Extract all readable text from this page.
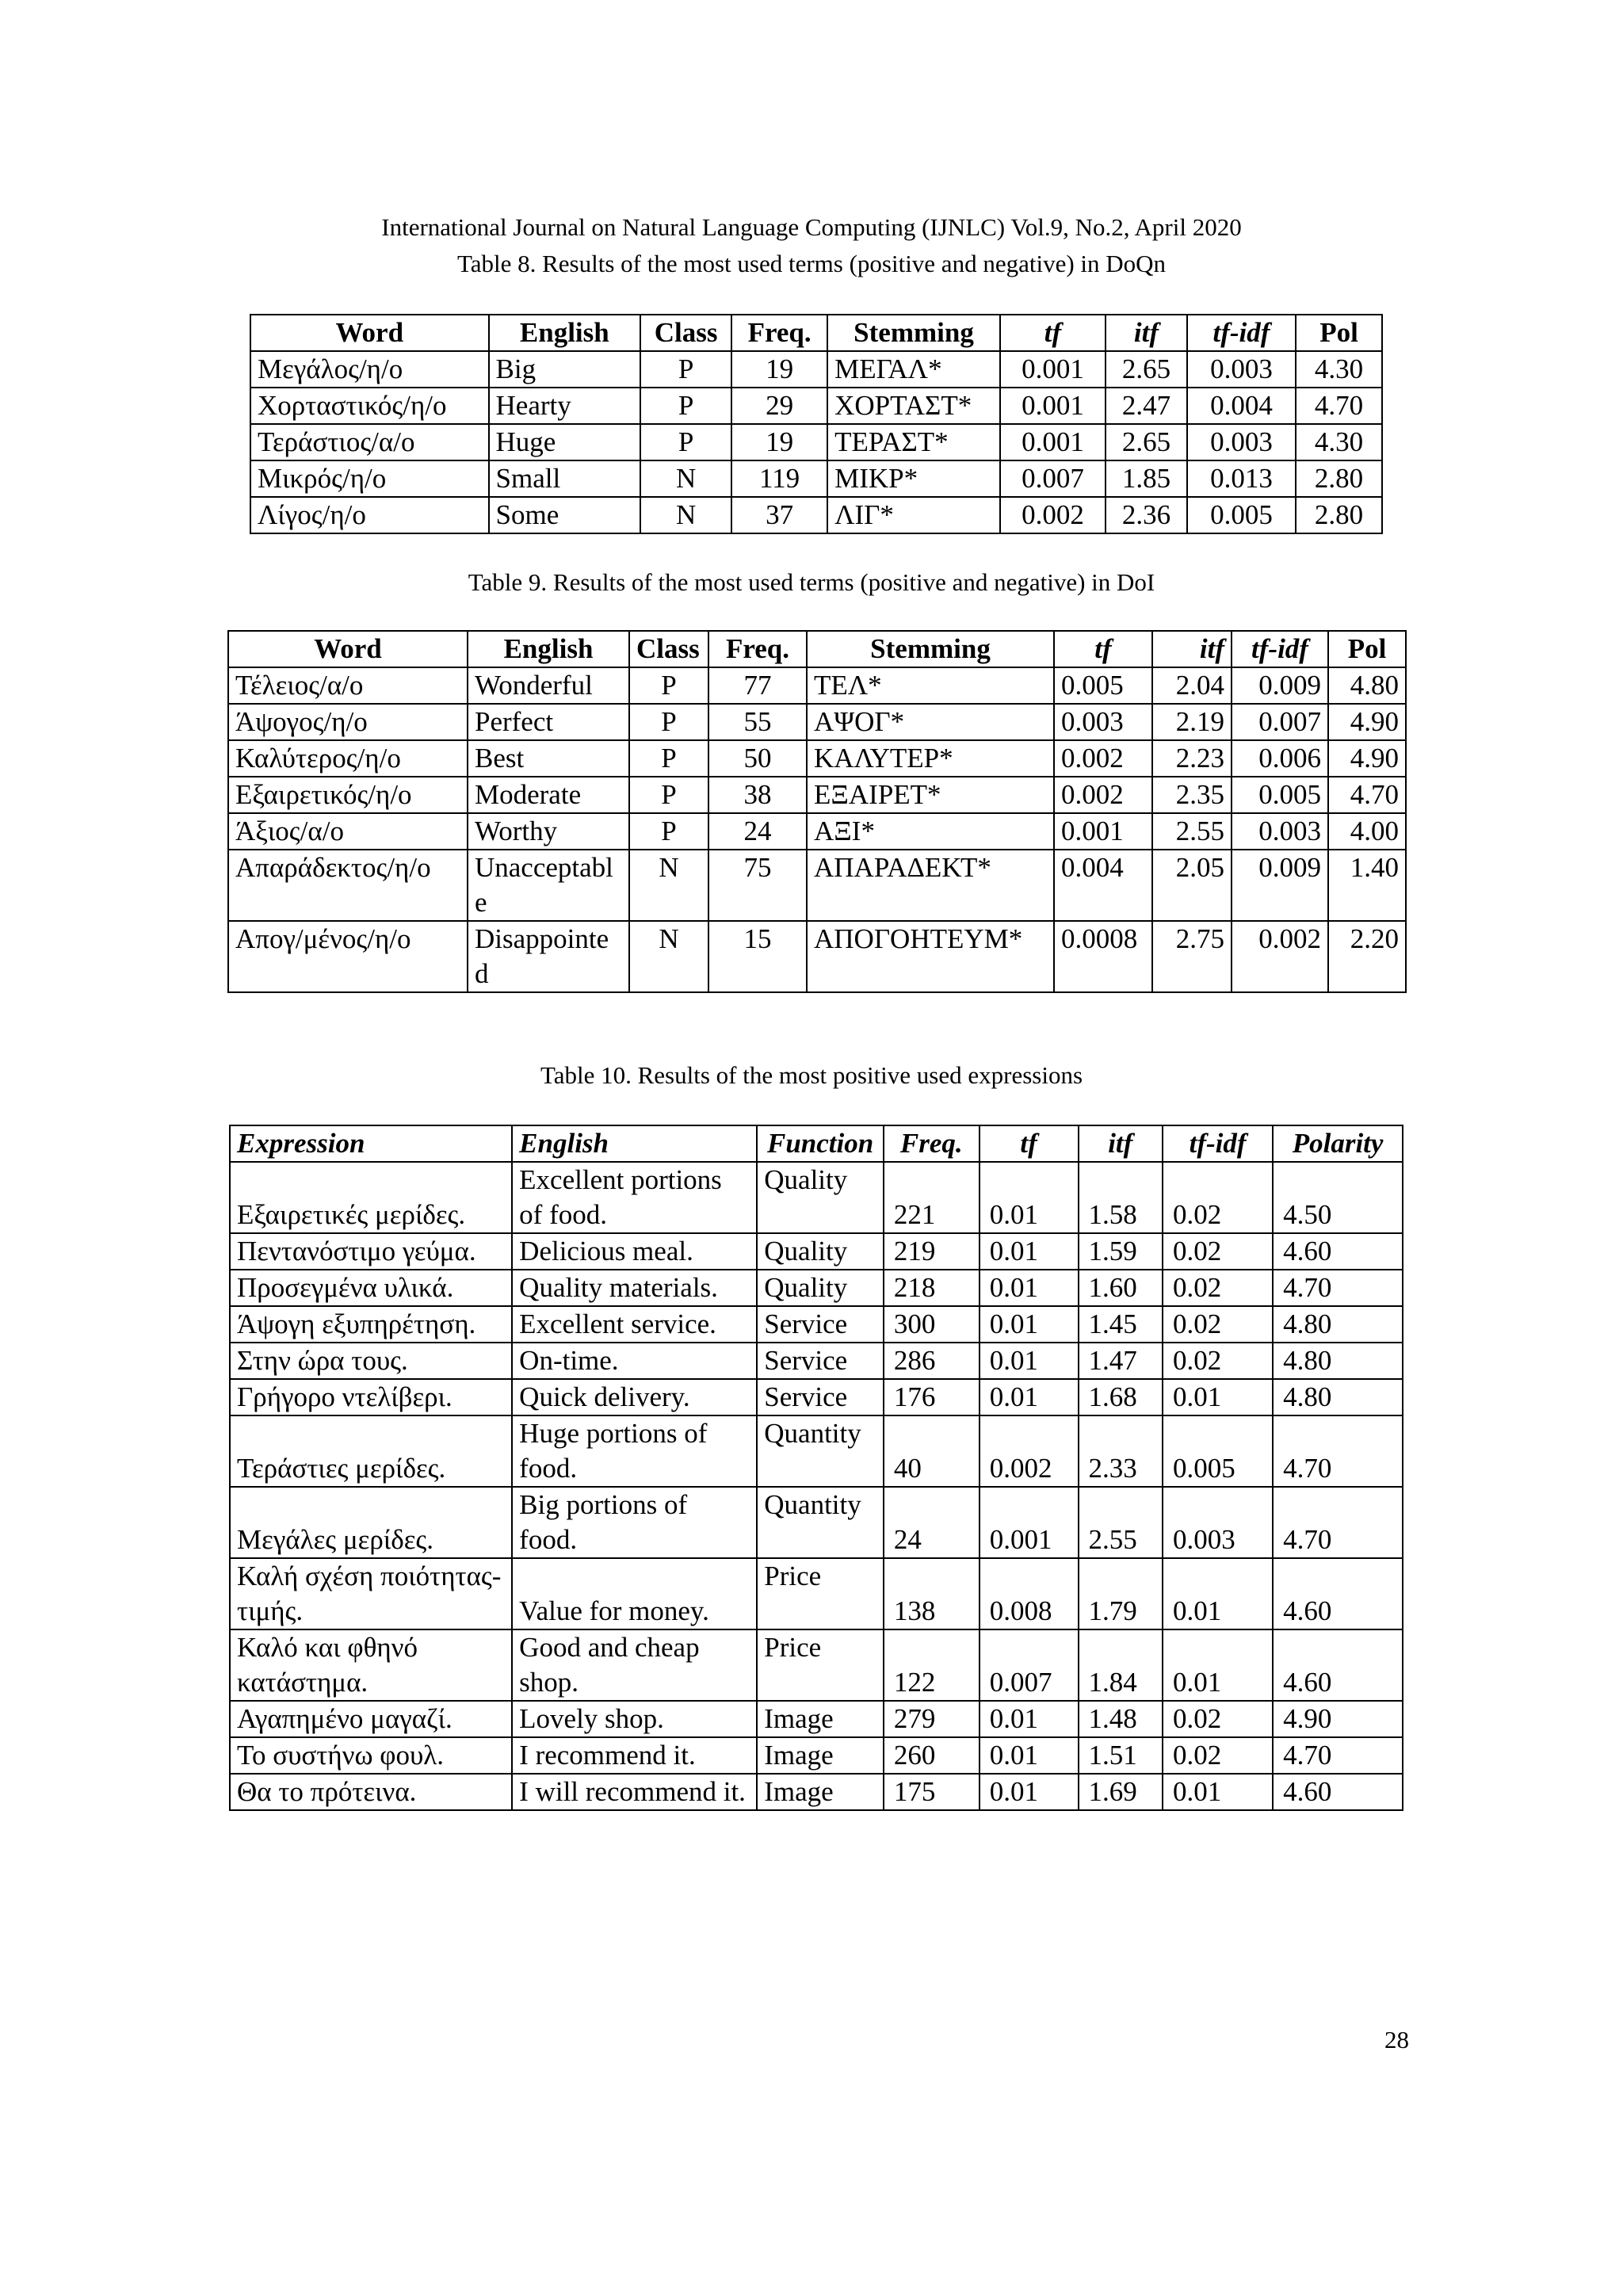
International Journal on Natural Language Computing (IJNLC) Vol.9, No.2, April 2020
Table 8. Results of the most used terms (positive and negative) in DoQn
Word	English	Class	Freq.	Stemming	tf	itf	tf-idf	Pol
Μεγάλος/η/ο	Big	P	19	ΜΕΓΑΛ*	0.001	2.65	0.003	4.30
Χορταστικός/η/ο	Hearty	P	29	ΧΟΡΤΑΣΤ*	0.001	2.47	0.004	4.70
Τεράστιος/α/ο	Huge	P	19	ΤΕΡΑΣΤ*	0.001	2.65	0.003	4.30
Μικρός/η/ο	Small	N	119	ΜΙΚΡ*	0.007	1.85	0.013	2.80
Λίγος/η/ο	Some	N	37	ΛΙΓ*	0.002	2.36	0.005	2.80
Table 9. Results of the most used terms (positive and negative) in DoI
Word	English	Class	Freq.	Stemming	tf	itf	tf-idf	Pol
Τέλειος/α/ο	Wonderful	P	77	ΤΕΛ*	0.005	2.04	0.009	4.80
Άψογος/η/ο	Perfect	P	55	ΑΨΟΓ*	0.003	2.19	0.007	4.90
Καλύτερος/η/ο	Best	P	50	ΚΑΛΥΤΕΡ*	0.002	2.23	0.006	4.90
Εξαιρετικός/η/ο	Moderate	P	38	ΕΞΑΙΡΕΤ*	0.002	2.35	0.005	4.70
Άξιος/α/ο	Worthy	P	24	ΑΞΙ*	0.001	2.55	0.003	4.00
Απαράδεκτος/η/ο	Unacceptable	N	75	ΑΠΑΡΑΔΕΚΤ*	0.004	2.05	0.009	1.40
Απογ/μένος/η/ο	Disappointed	N	15	ΑΠΟΓΟΗΤΕΥΜ*	0.0008	2.75	0.002	2.20
Table 10. Results of the most positive used expressions
Expression	English	Function	Freq.	tf	itf	tf-idf	Polarity
Εξαιρετικές μερίδες.	Excellent portions of food.	Quality	221	0.01	1.58	0.02	4.50
Πεντανόστιμο γεύμα.	Delicious meal.	Quality	219	0.01	1.59	0.02	4.60
Προσεγμένα υλικά.	Quality materials.	Quality	218	0.01	1.60	0.02	4.70
Άψογη εξυπηρέτηση.	Excellent service.	Service	300	0.01	1.45	0.02	4.80
Στην ώρα τους.	On-time.	Service	286	0.01	1.47	0.02	4.80
Γρήγορο ντελίβερι.	Quick delivery.	Service	176	0.01	1.68	0.01	4.80
Τεράστιες μερίδες.	Huge portions of food.	Quantity	40	0.002	2.33	0.005	4.70
Μεγάλες μερίδες.	Big portions of food.	Quantity	24	0.001	2.55	0.003	4.70
Καλή σχέση ποιότητας-τιμής.	Value for money.	Price	138	0.008	1.79	0.01	4.60
Καλό και φθηνό κατάστημα.	Good and cheap shop.	Price	122	0.007	1.84	0.01	4.60
Αγαπημένο μαγαζί.	Lovely shop.	Image	279	0.01	1.48	0.02	4.90
Το συστήνω φουλ.	I recommend it.	Image	260	0.01	1.51	0.02	4.70
Θα το πρότεινα.	I will recommend it.	Image	175	0.01	1.69	0.01	4.60
28
